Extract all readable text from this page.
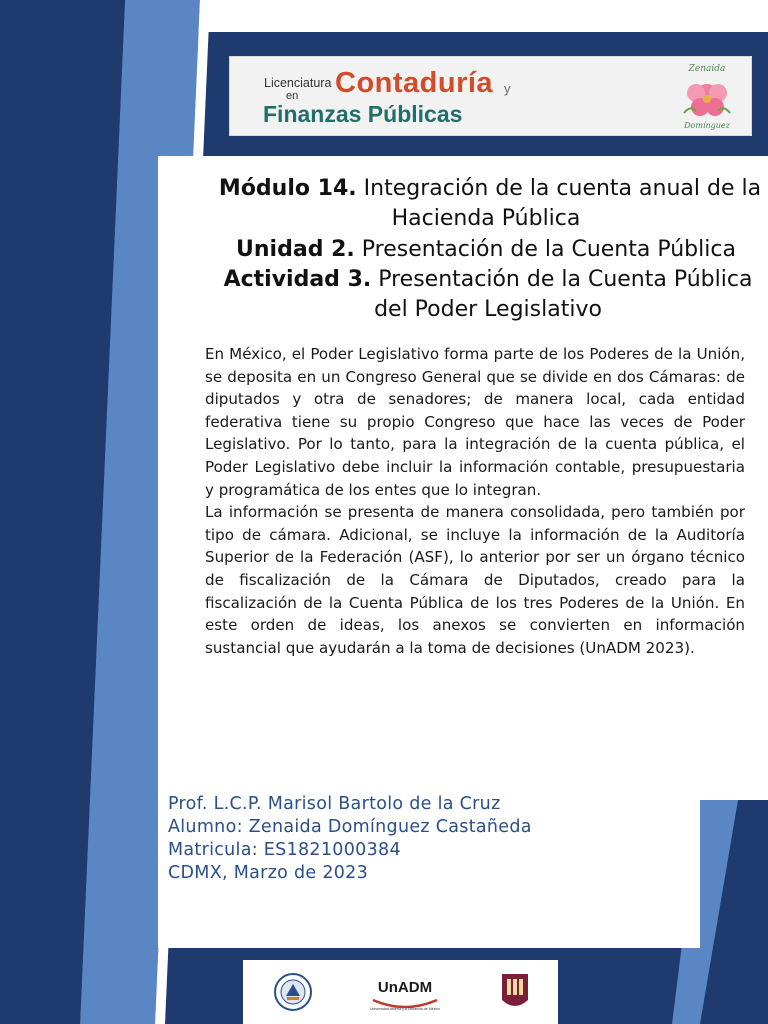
Licenciatura
en Contaduría y
Finanzas Públicas
Zenaida
Domínguez
Módulo 14. Integración de la cuenta anual de la
Hacienda Pública
Unidad 2. Presentación de la Cuenta Pública
Actividad 3. Presentación de la Cuenta Pública
del Poder Legislativo

En México, el Poder Legislativo forma parte de los Poderes de la Unión, se deposita en un Congreso General que se divide en dos Cámaras: de diputados y otra de senadores; de manera local, cada entidad federativa tiene su propio Congreso que hace las veces de Poder Legislativo. Por lo tanto, para la integración de la cuenta pública, el Poder Legislativo debe incluir la información contable, presupuestaria y programática de los entes que lo integran.

La información se presenta de manera consolidada, pero también por tipo de cámara. Adicional, se incluye la información de la Auditoría Superior de la Federación (ASF), lo anterior por ser un órgano técnico de fiscalización de la Cámara de Diputados, creado para la fiscalización de la Cuenta Pública de los tres Poderes de la Unión. En este orden de ideas, los anexos se convierten en información sustancial que ayudarán a la toma de decisiones (UnADM 2023).

Prof. L.C.P. Marisol Bartolo de la Cruz
Alumno: Zenaida Domínguez Castañeda
Matricula: ES1821000384
CDMX, Marzo de 2023
UnADM
Universidad Abierta y a Distancia de México
